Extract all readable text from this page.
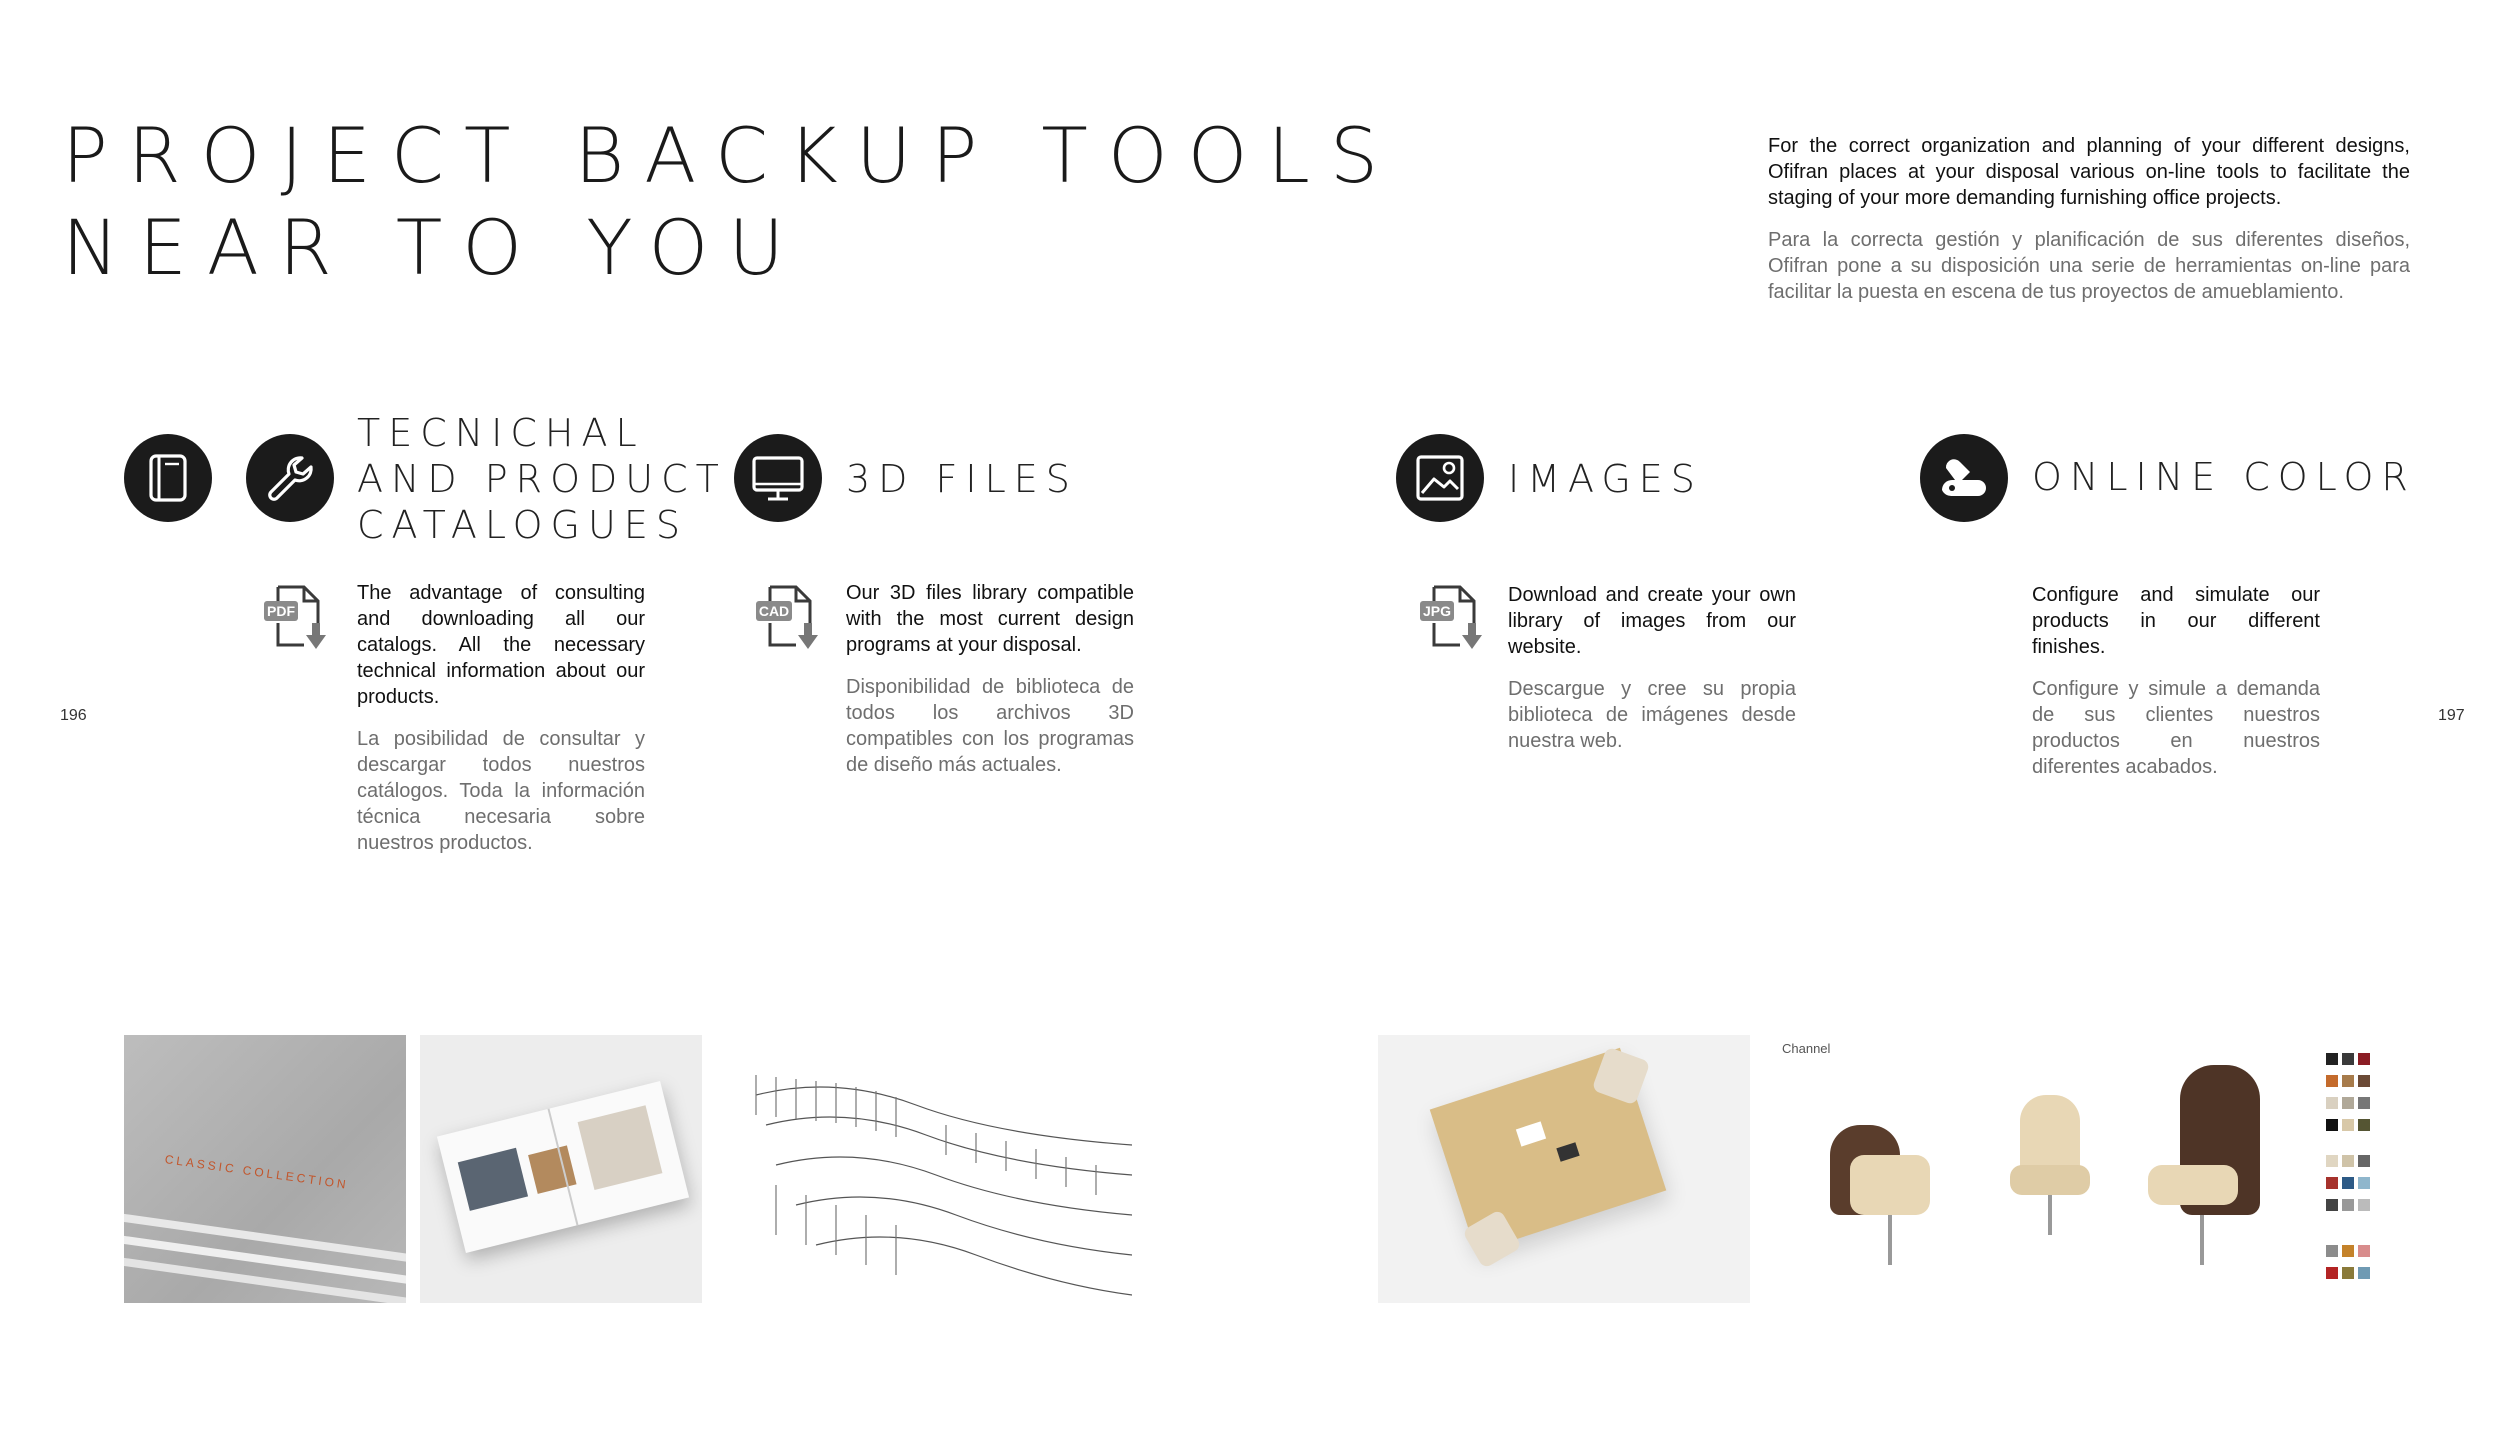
PROJECT BACKUP TOOLS
NEAR TO YOU

For the correct organization and planning of your different designs, Ofifran places at your disposal various on-line tools to facilitate the staging of your more demanding furnishing office projects.

Para la correcta gestión y planificación de sus diferentes diseños, Ofifran pone a su disposición una serie de herramientas on-line para facilitar la puesta en escena de tus proyectos de amueblamiento.

196	197
TECNICHAL
AND PRODUCT
CATALOGUES
PDF

The advantage of consulting and downloading all our catalogs. All the necessary technical information about our products.

La posibilidad de consultar y descargar todos nuestros catálogos. Toda la información técnica necesaria sobre nuestros productos.

3D FILES
CAD

Our 3D files library compatible with the most current design programs at your disposal.

Disponibilidad de biblioteca de todos los archivos 3D compatibles con los programas de diseño más actuales.

IMAGES
JPG

Download and create your own library of images from our website.

Descargue y cree su propia biblioteca de imágenes desde nuestra web.

ONLINE COLOR

Configure and simulate our products in our different finishes.

Configure y simule a demanda de sus clientes nuestros productos en nuestros diferentes acabados.

CLASSIC COLLECTION
Channel
